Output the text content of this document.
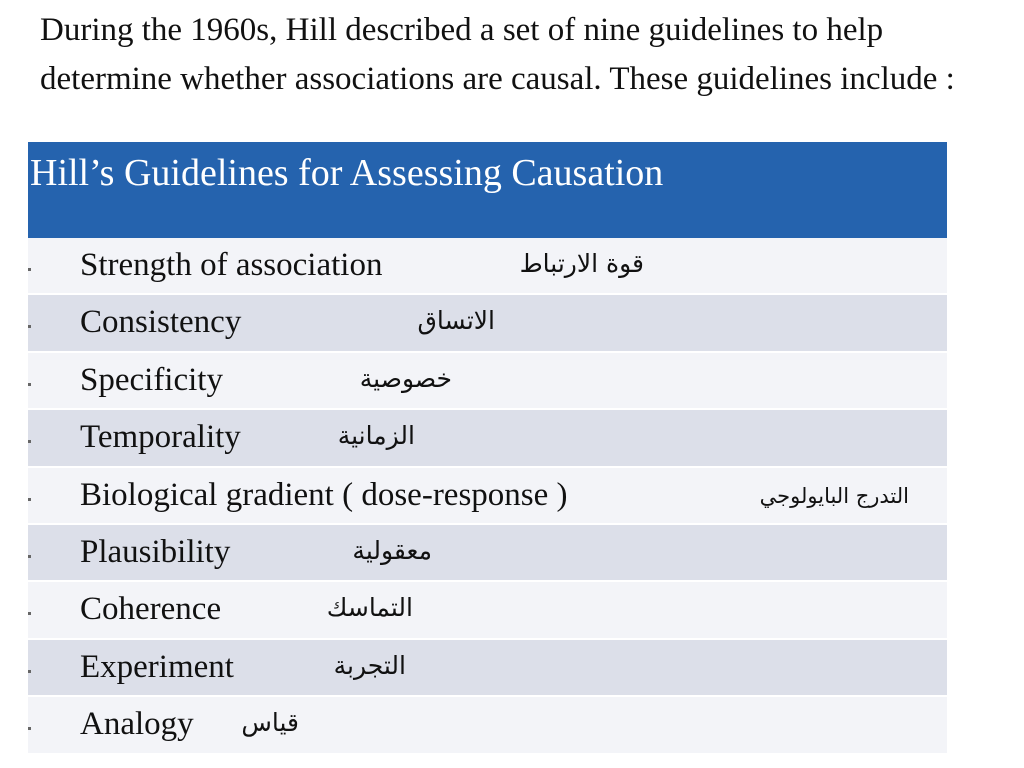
During the 1960s, Hill described a set of nine guidelines to help determine whether associations are causal. These guidelines include :

Hill’s Guidelines for Assessing Causation
Strength of association	قوة الارتباط
Consistency	الاتساق
Specificity	خصوصية
Temporality	الزمانية
Biological gradient ( dose-response )	التدرج البايولوجي
Plausibility	معقولية
Coherence	التماسك
Experiment	التجربة
Analogy قياس
